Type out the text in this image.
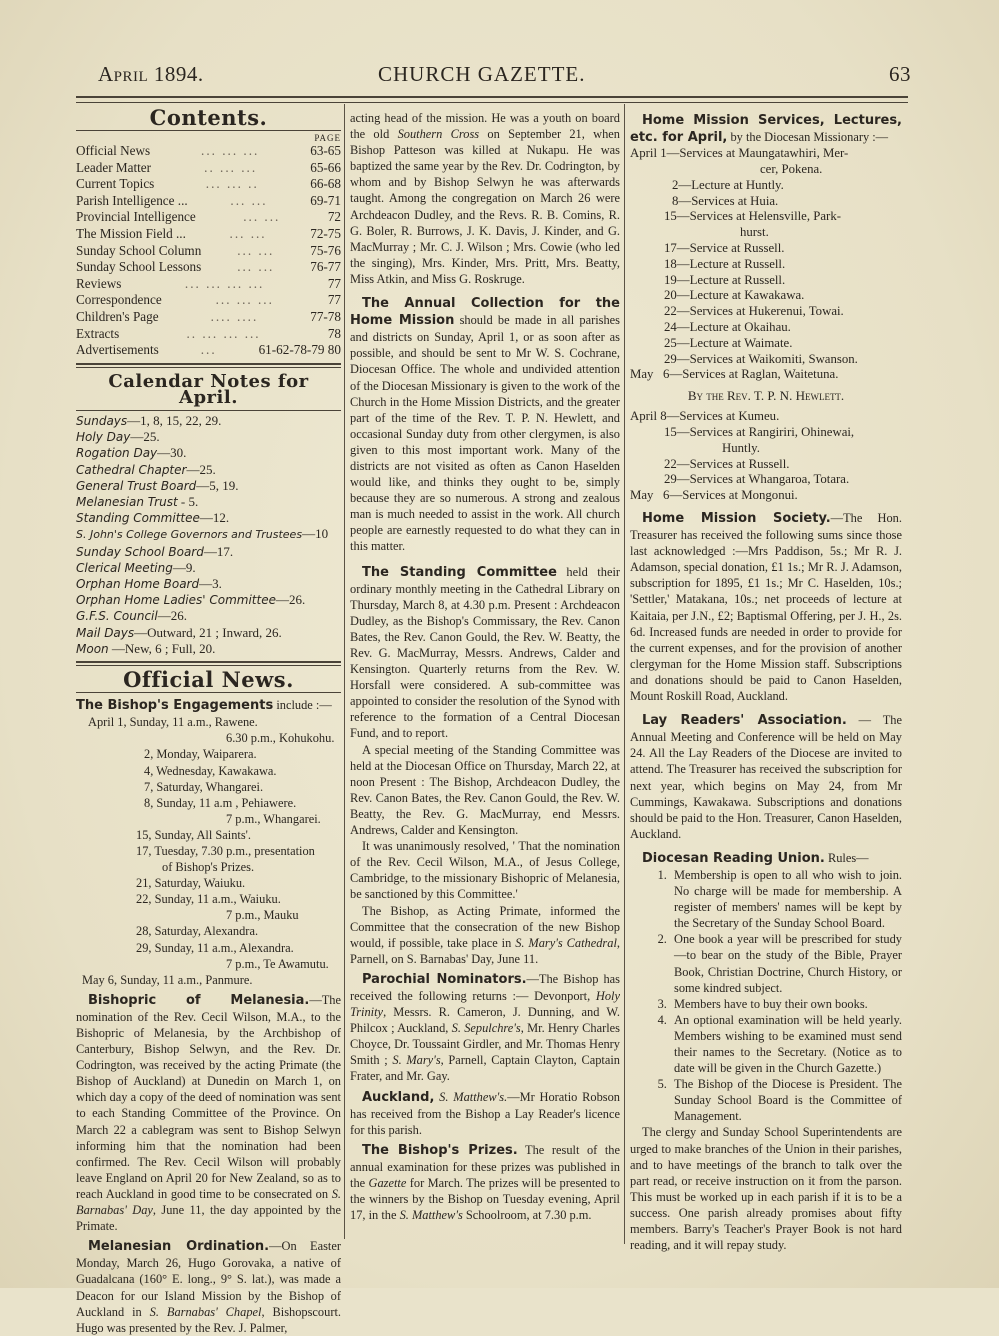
April 1894.	CHURCH GAZETTE.	63
Contents.
PAGE
Official News	... ... ...	63-65
Leader Matter	.. ... ...	65-66
Current Topics	... ... ..	66-68
Parish Intelligence ...	... ...	69-71
Provincial Intelligence	... ...	72
The Mission Field ...	... ...	72-75
Sunday School Column	... ...	75-76
Sunday School Lessons	... ...	76-77
Reviews	... ... ... ...	77
Correspondence	... ... ...	77
Children's Page	.... ....	77-78
Extracts	.. ... ... ...	78
Advertisements	...	61-62-78-79 80
Calendar Notes for April.
Sundays—1, 8, 15, 22, 29.
Holy Day—25.
Rogation Day—30.
Cathedral Chapter—25.
General Trust Board—5, 19.
Melanesian Trust - 5.
Standing Committee—12.
S. John's College Governors and Trustees—10
Sunday School Board—17.
Clerical Meeting—9.
Orphan Home Board—3.
Orphan Home Ladies' Committee—26.
G.F.S. Council—26.
Mail Days—Outward, 21 ; Inward, 26.
Moon —New, 6 ; Full, 20.
Official News.
The Bishop's Engagements include :—
April 1, Sunday, 11 a.m., Rawene.
6.30 p.m., Kohukohu.
2, Monday, Waiparera.
4, Wednesday, Kawakawa.
7, Saturday, Whangarei.
8, Sunday, 11 a.m , Pehiawere.
7 p.m., Whangarei.
15, Sunday, All Saints'.
17, Tuesday, 7.30 p.m., presentation
of Bishop's Prizes.
21, Saturday, Waiuku.
22, Sunday, 11 a.m., Waiuku.
7 p.m., Mauku
28, Saturday, Alexandra.
29, Sunday, 11 a.m., Alexandra.
7 p.m., Te Awamutu.
May 6, Sunday, 11 a.m., Panmure.

Bishopric of Melanesia.—The nomination of the Rev. Cecil Wilson, M.A., to the Bishopric of Melanesia, by the Archbishop of Canterbury, Bishop Selwyn, and the Rev. Dr. Codrington, was received by the acting Primate (the Bishop of Auckland) at Dunedin on March 1, on which day a copy of the deed of nomination was sent to each Standing Committee of the Province. On March 22 a cablegram was sent to Bishop Selwyn informing him that the nomination had been confirmed. The Rev. Cecil Wilson will probably leave England on April 20 for New Zealand, so as to reach Auckland in good time to be consecrated on S. Barnabas' Day, June 11, the day appointed by the Primate.

Melanesian Ordination.—On Easter Monday, March 26, Hugo Gorovaka, a native of Guadalcana (160° E. long., 9° S. lat.), was made a Deacon for our Island Mission by the Bishop of Auckland in S. Barnabas' Chapel, Bishopscourt. Hugo was presented by the Rev. J. Palmer,

acting head of the mission. He was a youth on board the old Southern Cross on September 21, when Bishop Patteson was killed at Nukapu. He was baptized the same year by the Rev. Dr. Codrington, by whom and by Bishop Selwyn he was afterwards taught. Among the congregation on March 26 were Archdeacon Dudley, and the Revs. R. B. Comins, R. G. Boler, R. Burrows, J. K. Davis, J. Kinder, and G. MacMurray ; Mr. C. J. Wilson ; Mrs. Cowie (who led the singing), Mrs. Kinder, Mrs. Pritt, Mrs. Beatty, Miss Atkin, and Miss G. Roskruge.

The Annual Collection for the Home Mission should be made in all parishes and districts on Sunday, April 1, or as soon after as possible, and should be sent to Mr W. S. Cochrane, Diocesan Office. The whole and undivided attention of the Diocesan Missionary is given to the work of the Church in the Home Mission Districts, and the greater part of the time of the Rev. T. P. N. Hewlett, and occasional Sunday duty from other clergymen, is also given to this most important work. Many of the districts are not visited as often as Canon Haselden would like, and thinks they ought to be, simply because they are so numerous. A strong and zealous man is much needed to assist in the work. All church people are earnestly requested to do what they can in this matter.

The Standing Committee held their ordinary monthly meeting in the Cathedral Library on Thursday, March 8, at 4.30 p.m. Present : Archdeacon Dudley, as the Bishop's Commissary, the Rev. Canon Bates, the Rev. Canon Gould, the Rev. W. Beatty, the Rev. G. MacMurray, Messrs. Andrews, Calder and Kensington. Quarterly returns from the Rev. W. Horsfall were considered. A sub-committee was appointed to consider the resolution of the Synod with reference to the formation of a Central Diocesan Fund, and to report.

A special meeting of the Standing Committee was held at the Diocesan Office on Thursday, March 22, at noon Present : The Bishop, Archdeacon Dudley, the Rev. Canon Bates, the Rev. Canon Gould, the Rev. W. Beatty, the Rev. G. MacMurray, end Messrs. Andrews, Calder and Kensington.

It was unanimously resolved, ' That the nomination of the Rev. Cecil Wilson, M.A., of Jesus College, Cambridge, to the missionary Bishopric of Melanesia, be sanctioned by this Committee.'

The Bishop, as Acting Primate, informed the Committee that the consecration of the new Bishop would, if possible, take place in S. Mary's Cathedral, Parnell, on S. Barnabas' Day, June 11.

Parochial Nominators.—The Bishop has received the following returns :— Devonport, Holy Trinity, Messrs. R. Cameron, J. Dunning, and W. Philcox ; Auckland, S. Sepulchre's, Mr. Henry Charles Choyce, Dr. Toussaint Girdler, and Mr. Thomas Henry Smith ; S. Mary's, Parnell, Captain Clayton, Captain Frater, and Mr. Gay.

Auckland, S. Matthew's.—Mr Horatio Robson has received from the Bishop a Lay Reader's licence for this parish.

The Bishop's Prizes. The result of the annual examination for these prizes was published in the Gazette for March. The prizes will be presented to the winners by the Bishop on Tuesday evening, April 17, in the S. Matthew's Schoolroom, at 7.30 p.m.

Home Mission Services, Lectures, etc. for April, by the Diocesan Missionary :—

April 1—Services at Maungatawhiri, Mer-
cer, Pokena.
2—Lecture at Huntly.
8—Services at Huia.
15—Services at Helensville, Park-
hurst.
17—Service at Russell.
18—Lecture at Russell.
19—Lecture at Russell.
20—Lecture at Kawakawa.
22—Services at Hukerenui, Towai.
24—Lecture at Okaihau.
25—Lecture at Waimate.
29—Services at Waikomiti, Swanson.
May   6—Services at Raglan, Waitetuna.
By the Rev. T. P. N. Hewlett.
April 8—Services at Kumeu.
15—Services at Rangiriri, Ohinewai,
Huntly.
22—Services at Russell.
29—Services at Whangaroa, Totara.
May   6—Services at Mongonui.

Home Mission Society.—The Hon. Treasurer has received the following sums since those last acknowledged :—Mrs Paddison, 5s.; Mr R. J. Adamson, special donation, £1 1s.; Mr R. J. Adamson, subscription for 1895, £1 1s.; Mr C. Haselden, 10s.; 'Settler,' Matakana, 10s.; net proceeds of lecture at Kaitaia, per J.N., £2; Baptismal Offering, per J. H., 2s. 6d. Increased funds are needed in order to provide for the current expenses, and for the provision of another clergyman for the Home Mission staff. Subscriptions and donations should be paid to Canon Haselden, Mount Roskill Road, Auckland.

Lay Readers' Association. — The Annual Meeting and Conference will be held on May 24. All the Lay Readers of the Diocese are invited to attend. The Treasurer has received the subscription for next year, which begins on May 24, from Mr Cummings, Kawakawa. Subscriptions and donations should be paid to the Hon. Treasurer, Canon Haselden, Auckland.

Diocesan Reading Union. Rules—

1. Membership is open to all who wish to join. No charge will be made for membership. A register of members' names will be kept by the Secretary of the Sunday School Board.
2. One book a year will be prescribed for study—to bear on the study of the Bible, Prayer Book, Christian Doctrine, Church History, or some kindred subject.
3. Members have to buy their own books.
4. An optional examination will be held yearly. Members wishing to be examined must send their names to the Secretary. (Notice as to date will be given in the Church Gazette.)
5. The Bishop of the Diocese is President. The Sunday School Board is the Committee of Management.

The clergy and Sunday School Superintendents are urged to make branches of the Union in their parishes, and to have meetings of the branch to talk over the part read, or receive instruction on it from the parson. This must be worked up in each parish if it is to be a success. One parish already promises about fifty members. Barry's Teacher's Prayer Book is not hard reading, and it will repay study.
